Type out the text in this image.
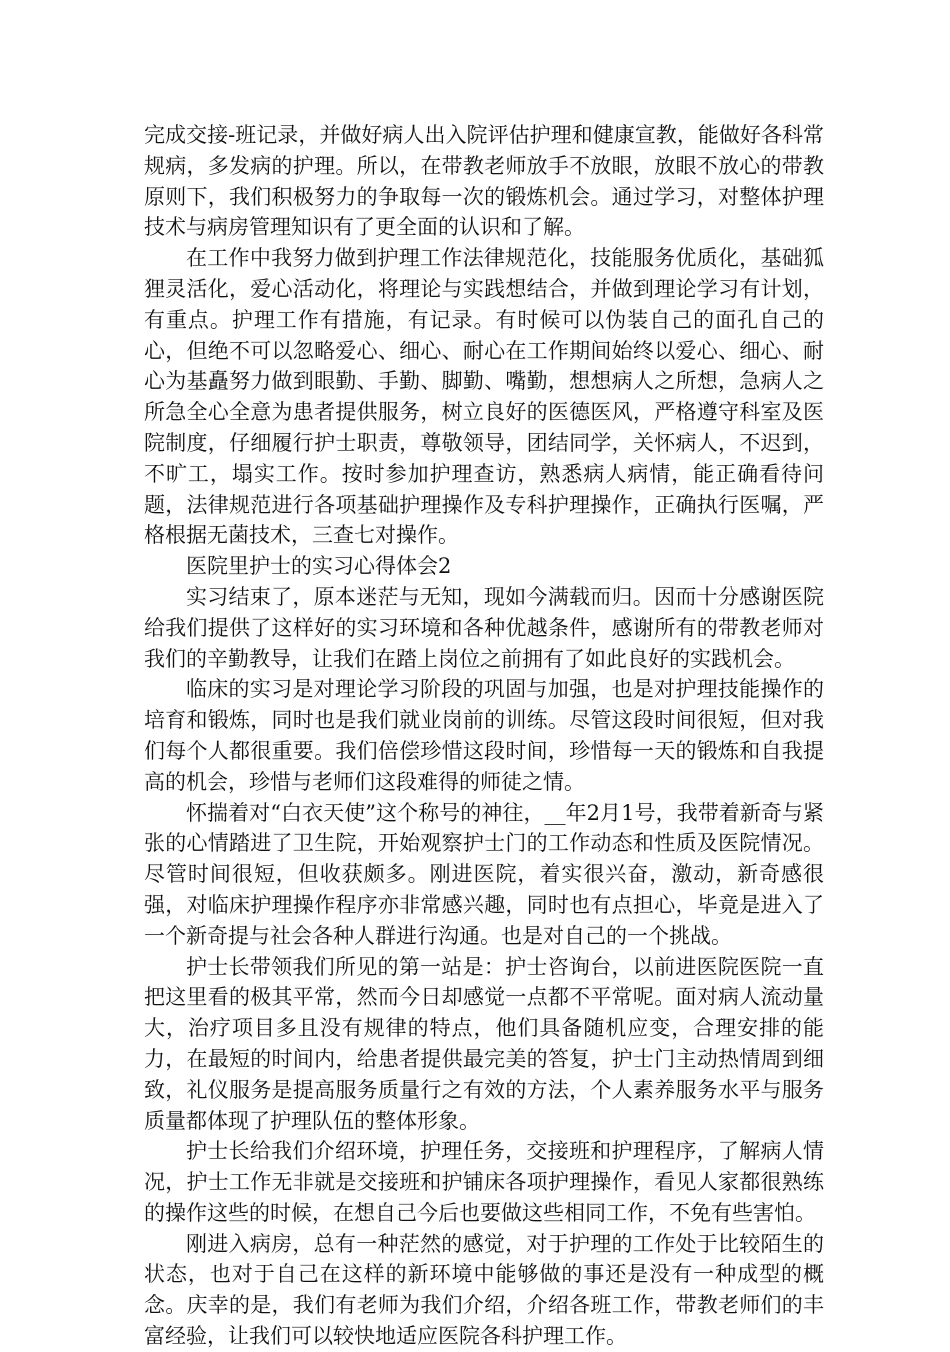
完成交接-班记录，并做好病人出入院评估护理和健康宣教，能做好各科常规病，多发病的护理。所以，在带教老师放手不放眼，放眼不放心的带教原则下，我们积极努力的争取每一次的锻炼机会。通过学习，对整体护理技术与病房管理知识有了更全面的认识和了解。

在工作中我努力做到护理工作法律规范化，技能服务优质化，基础狐狸灵活化，爱心活动化，将理论与实践想结合，并做到理论学习有计划，有重点。护理工作有措施，有记录。有时候可以伪装自己的面孔自己的心，但绝不可以忽略爱心、细心、耐心在工作期间始终以爱心、细心、耐心为基矗努力做到眼勤、手勤、脚勤、嘴勤，想想病人之所想，急病人之所急全心全意为患者提供服务，树立良好的医德医风，严格遵守科室及医院制度，仔细履行护士职责，尊敬领导，团结同学，关怀病人，不迟到，不旷工，塌实工作。按时参加护理查访，熟悉病人病情，能正确看待问题，法律规范进行各项基础护理操作及专科护理操作，正确执行医嘱，严格根据无菌技术，三查七对操作。

医院里护士的实习心得体会2

实习结束了，原本迷茫与无知，现如今满载而归。因而十分感谢医院给我们提供了这样好的实习环境和各种优越条件，感谢所有的带教老师对我们的辛勤教导，让我们在踏上岗位之前拥有了如此良好的实践机会。

临床的实习是对理论学习阶段的巩固与加强，也是对护理技能操作的培育和锻炼，同时也是我们就业岗前的训练。尽管这段时间很短，但对我们每个人都很重要。我们倍偿珍惜这段时间，珍惜每一天的锻炼和自我提高的机会，珍惜与老师们这段难得的师徒之情。

怀揣着对“白衣天使”这个称号的神往，__年2月1号，我带着新奇与紧张的心情踏进了卫生院，开始观察护士门的工作动态和性质及医院情况。尽管时间很短，但收获颇多。刚进医院，着实很兴奋，激动，新奇感很强，对临床护理操作程序亦非常感兴趣，同时也有点担心，毕竟是进入了一个新奇提与社会各种人群进行沟通。也是对自己的一个挑战。

护士长带领我们所见的第一站是：护士咨询台，以前进医院医院一直把这里看的极其平常，然而今日却感觉一点都不平常呢。面对病人流动量大，治疗项目多且没有规律的特点，他们具备随机应变，合理安排的能力，在最短的时间内，给患者提供最完美的答复，护士门主动热情周到细致，礼仪服务是提高服务质量行之有效的方法，个人素养服务水平与服务质量都体现了护理队伍的整体形象。

护士长给我们介绍环境，护理任务，交接班和护理程序，了解病人情况，护士工作无非就是交接班和护铺床各项护理操作，看见人家都很熟练的操作这些的时候，在想自己今后也要做这些相同工作，不免有些害怕。

刚进入病房，总有一种茫然的感觉，对于护理的工作处于比较陌生的状态，也对于自己在这样的新环境中能够做的事还是没有一种成型的概念。庆幸的是，我们有老师为我们介绍，介绍各班工作，带教老师们的丰富经验，让我们可以较快地适应医院各科护理工作。
